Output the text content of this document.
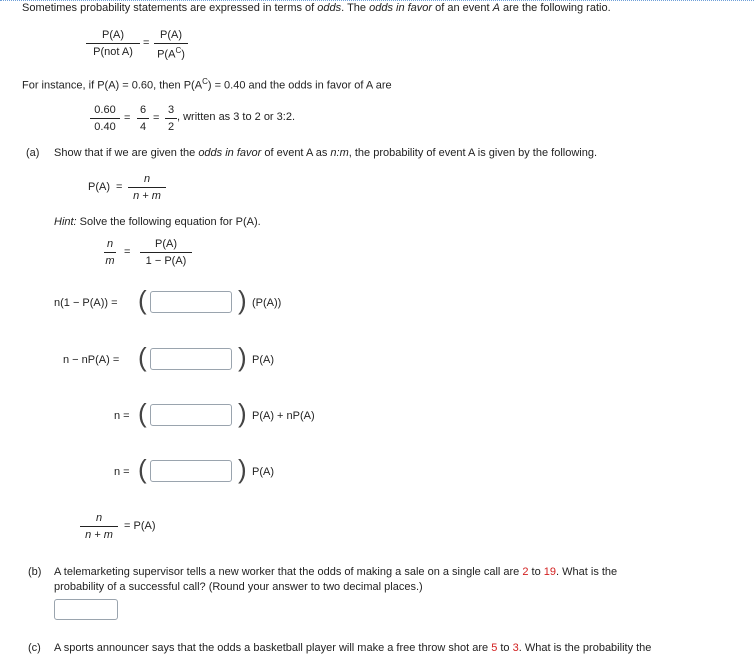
Sometimes probability statements are expressed in terms of odds. The odds in favor of an event A are the following ratio.
P(A)
P(not A)
=
P(A)
$P(A^C)$
For instance, if P(A) = 0.60, then $P(A^C) = 0.40$ and the odds in favor of A are
0.60
0.40
=
6
4
=
3
2
, written as 3 to 2 or 3:2.
(a) Show that if we are given the odds in favor of event A as n:m, the probability of event A is given by the following.
P(A) =
n
n + m
Hint: Solve the following equation for P(A).
n
m
=
P(A)
1 − P(A)
n(1 − P(A)) = (	) (P(A))
n − nP(A) = (	) P(A)
n = (	) P(A) + nP(A)
n = (	) P(A)
n
n + m
= P(A)
(b) A telemarketing supervisor tells a new worker that the odds of making a sale on a single call are 2 to 19. What is the
probability of a successful call? (Round your answer to two decimal places.)
(c) A sports announcer says that the odds a basketball player will make a free throw shot are 5 to 3. What is the probability the
